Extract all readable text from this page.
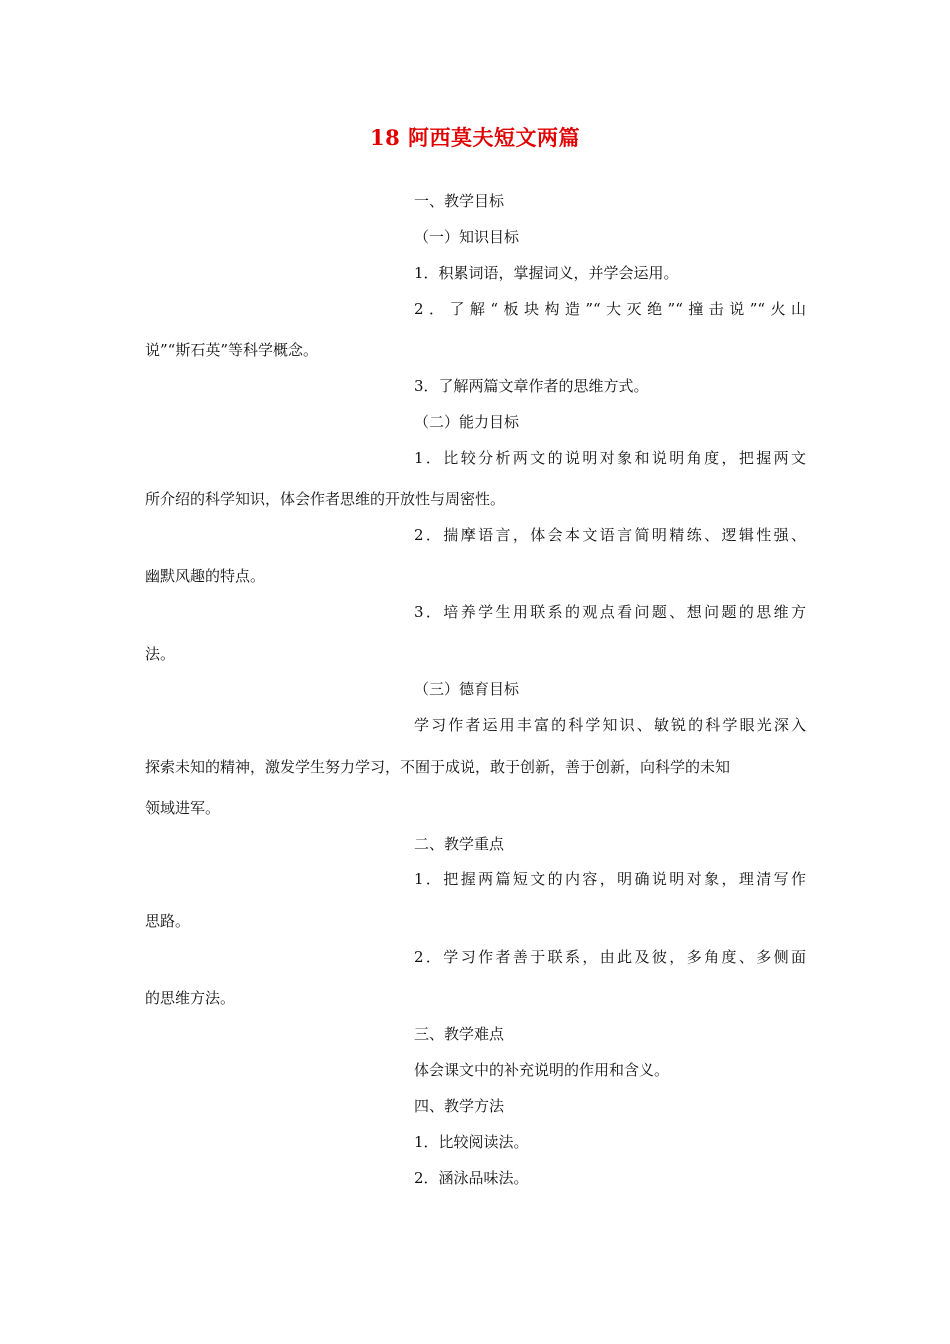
18 阿西莫夫短文两篇
一、教学目标
（一）知识目标
1．积累词语，掌握词义，并学会运用。
2．了解“板块构造”“大灭绝”“撞击说”“火山
说”“斯石英”等科学概念。
3．了解两篇文章作者的思维方式。
（二）能力目标
1．比较分析两文的说明对象和说明角度，把握两文
所介绍的科学知识，体会作者思维的开放性与周密性。
2．揣摩语言，体会本文语言简明精练、逻辑性强、
幽默风趣的特点。
3．培养学生用联系的观点看问题、想问题的思维方
法。
（三）德育目标
学习作者运用丰富的科学知识、敏锐的科学眼光深入
探索未知的精神，激发学生努力学习，不囿于成说，敢于创新，善于创新，向科学的未知
领域进军。
二、教学重点
1．把握两篇短文的内容，明确说明对象，理清写作
思路。
2．学习作者善于联系，由此及彼，多角度、多侧面
的思维方法。
三、教学难点
体会课文中的补充说明的作用和含义。
四、教学方法
1．比较阅读法。
2．涵泳品味法。
